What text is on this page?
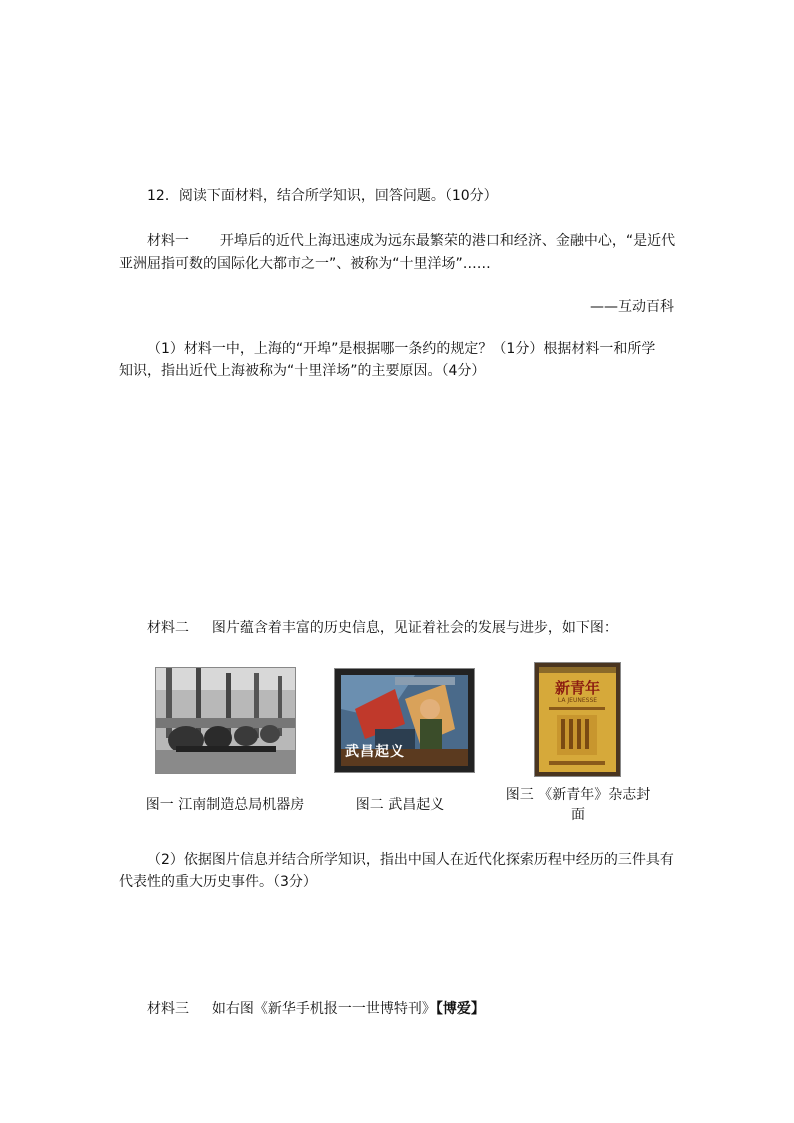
12．阅读下面材料，结合所学知识，回答问题。（10分）
材料一 开埠后的近代上海迅速成为远东最繁荣的港口和经济、金融中心，“是近代
亚洲屈指可数的国际化大都市之一”、被称为“十里洋场”……
——互动百科
（1）材料一中，上海的“开埠”是根据哪一条约的规定？（1分）根据材料一和所学
知识，指出近代上海被称为“十里洋场”的主要原因。（4分）
材料二 图片蕴含着丰富的历史信息，见证着社会的发展与进步，如下图：
图一 江南制造总局机器房
武昌起义
图二 武昌起义
新青年
LA JEUNESSE
图三 《新青年》杂志封
面
（2）依据图片信息并结合所学知识，指出中国人在近代化探索历程中经历的三件具有
代表性的重大历史事件。（3分）
材料三 如右图《新华手机报一一世博特刊》【博爱】
